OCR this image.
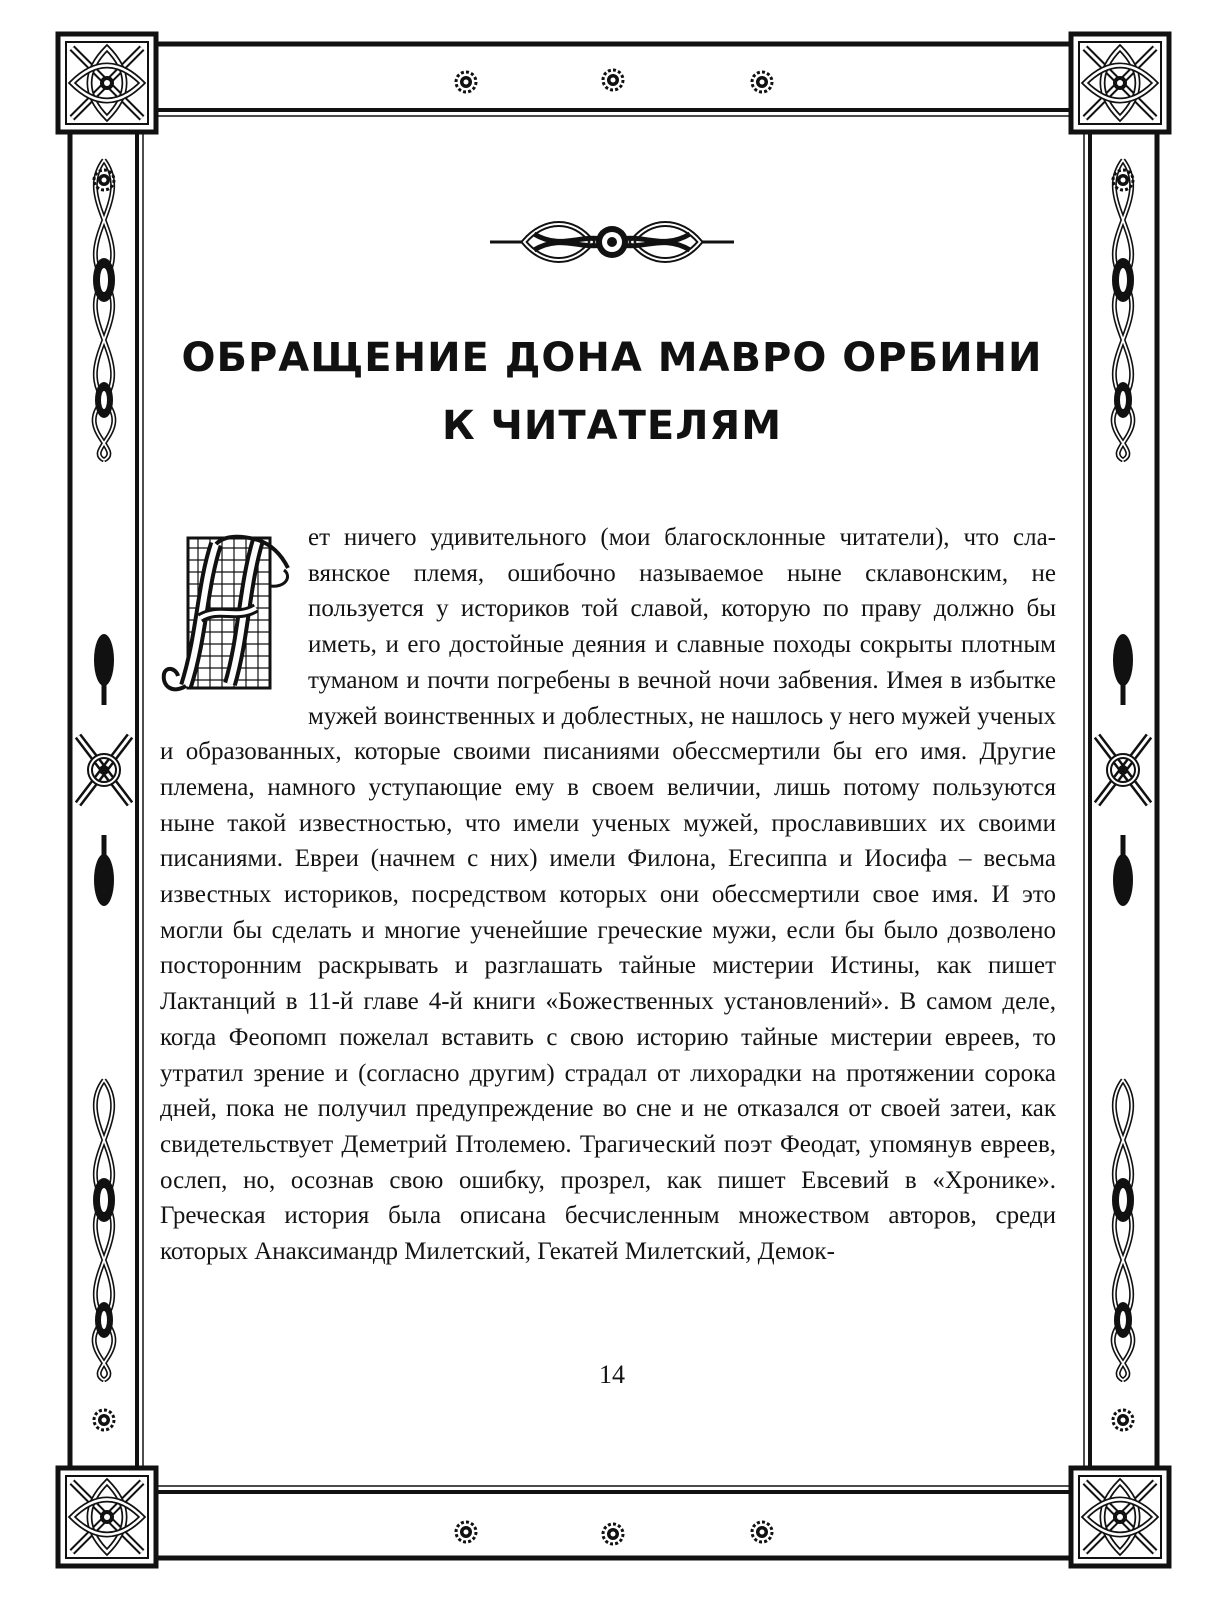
ОБРАЩЕНИЕ ДОНА МАВРО ОРБИНИ
К ЧИТАТЕЛЯМ

ет ничего удивительного (мои благосклонные читатели), что славянское племя, ошибочно называемое ныне склавонским, не пользуется у историков той славой, которую по праву должно бы иметь, и его достойные деяния и славные походы сокрыты плотным туманом и почти погребены в вечной ночи забвения. Имея в избытке мужей воинственных и доблестных, не нашлось у него мужей ученых и образованных, которые своими писаниями обессмертили бы его имя. Другие племена, намного уступающие ему в своем величии, лишь потому пользуются ныне такой известностью, что имели ученых мужей, прославивших их своими писаниями. Евреи (начнем с них) имели Филона, Егесиппа и Иосифа – весьма известных историков, посредством которых они обессмертили свое имя. И это могли бы сделать и многие ученейшие греческие мужи, если бы было дозволено посторонним раскрывать и разглашать тайные мистерии Истины, как пишет Лактанций в 11-й главе 4-й книги «Божественных установлений». В самом деле, когда Феопомп пожелал вставить с свою историю тайные мистерии евреев, то утратил зрение и (согласно другим) страдал от лихорадки на протяжении сорока дней, пока не получил предупреждение во сне и не отказался от своей затеи, как свидетельствует Деметрий Птолемею. Трагический поэт Феодат, упомянув евреев, ослеп, но, осознав свою ошибку, прозрел, как пишет Евсевий в «Хронике». Греческая история была описана бесчисленным множеством авторов, среди которых Анаксимандр Милетский, Гекатей Милетский, Демок-

14
